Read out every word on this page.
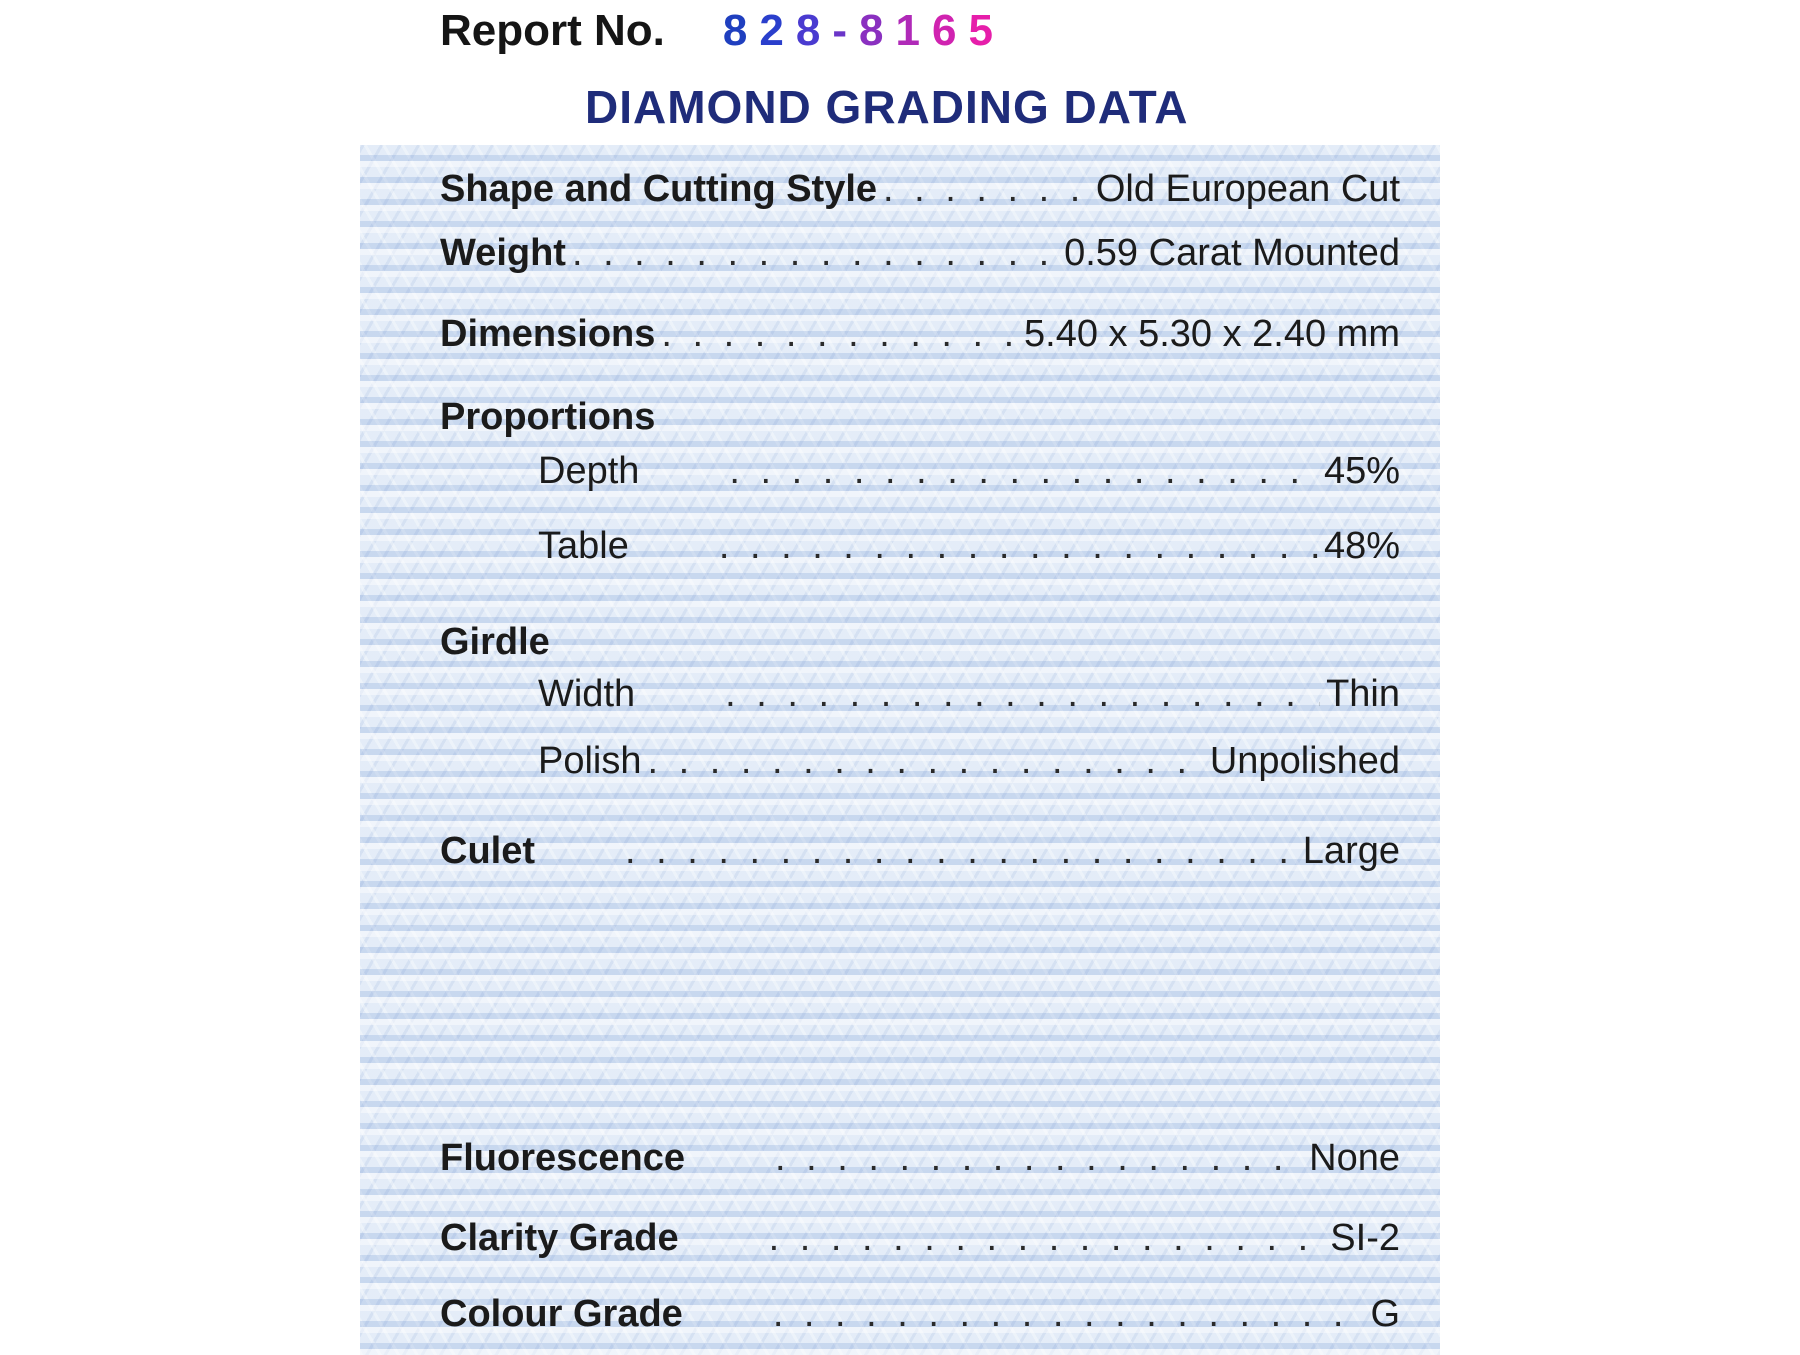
Report No. 828-8165
DIAMOND GRADING DATA
Shape and Cutting Style . . .	Old European Cut
Weight . . .	0.59 Carat Mounted
Dimensions . . .	5.40 x 5.30 x 2.40 mm
Proportions
Depth . . .	45%
Table . . .	48%
Girdle
Width . . .	Thin
Polish . . .	Unpolished
Culet . . .	Large
Fluorescence . . .	None
Clarity Grade . . .	SI-2
Colour Grade . . .	G
